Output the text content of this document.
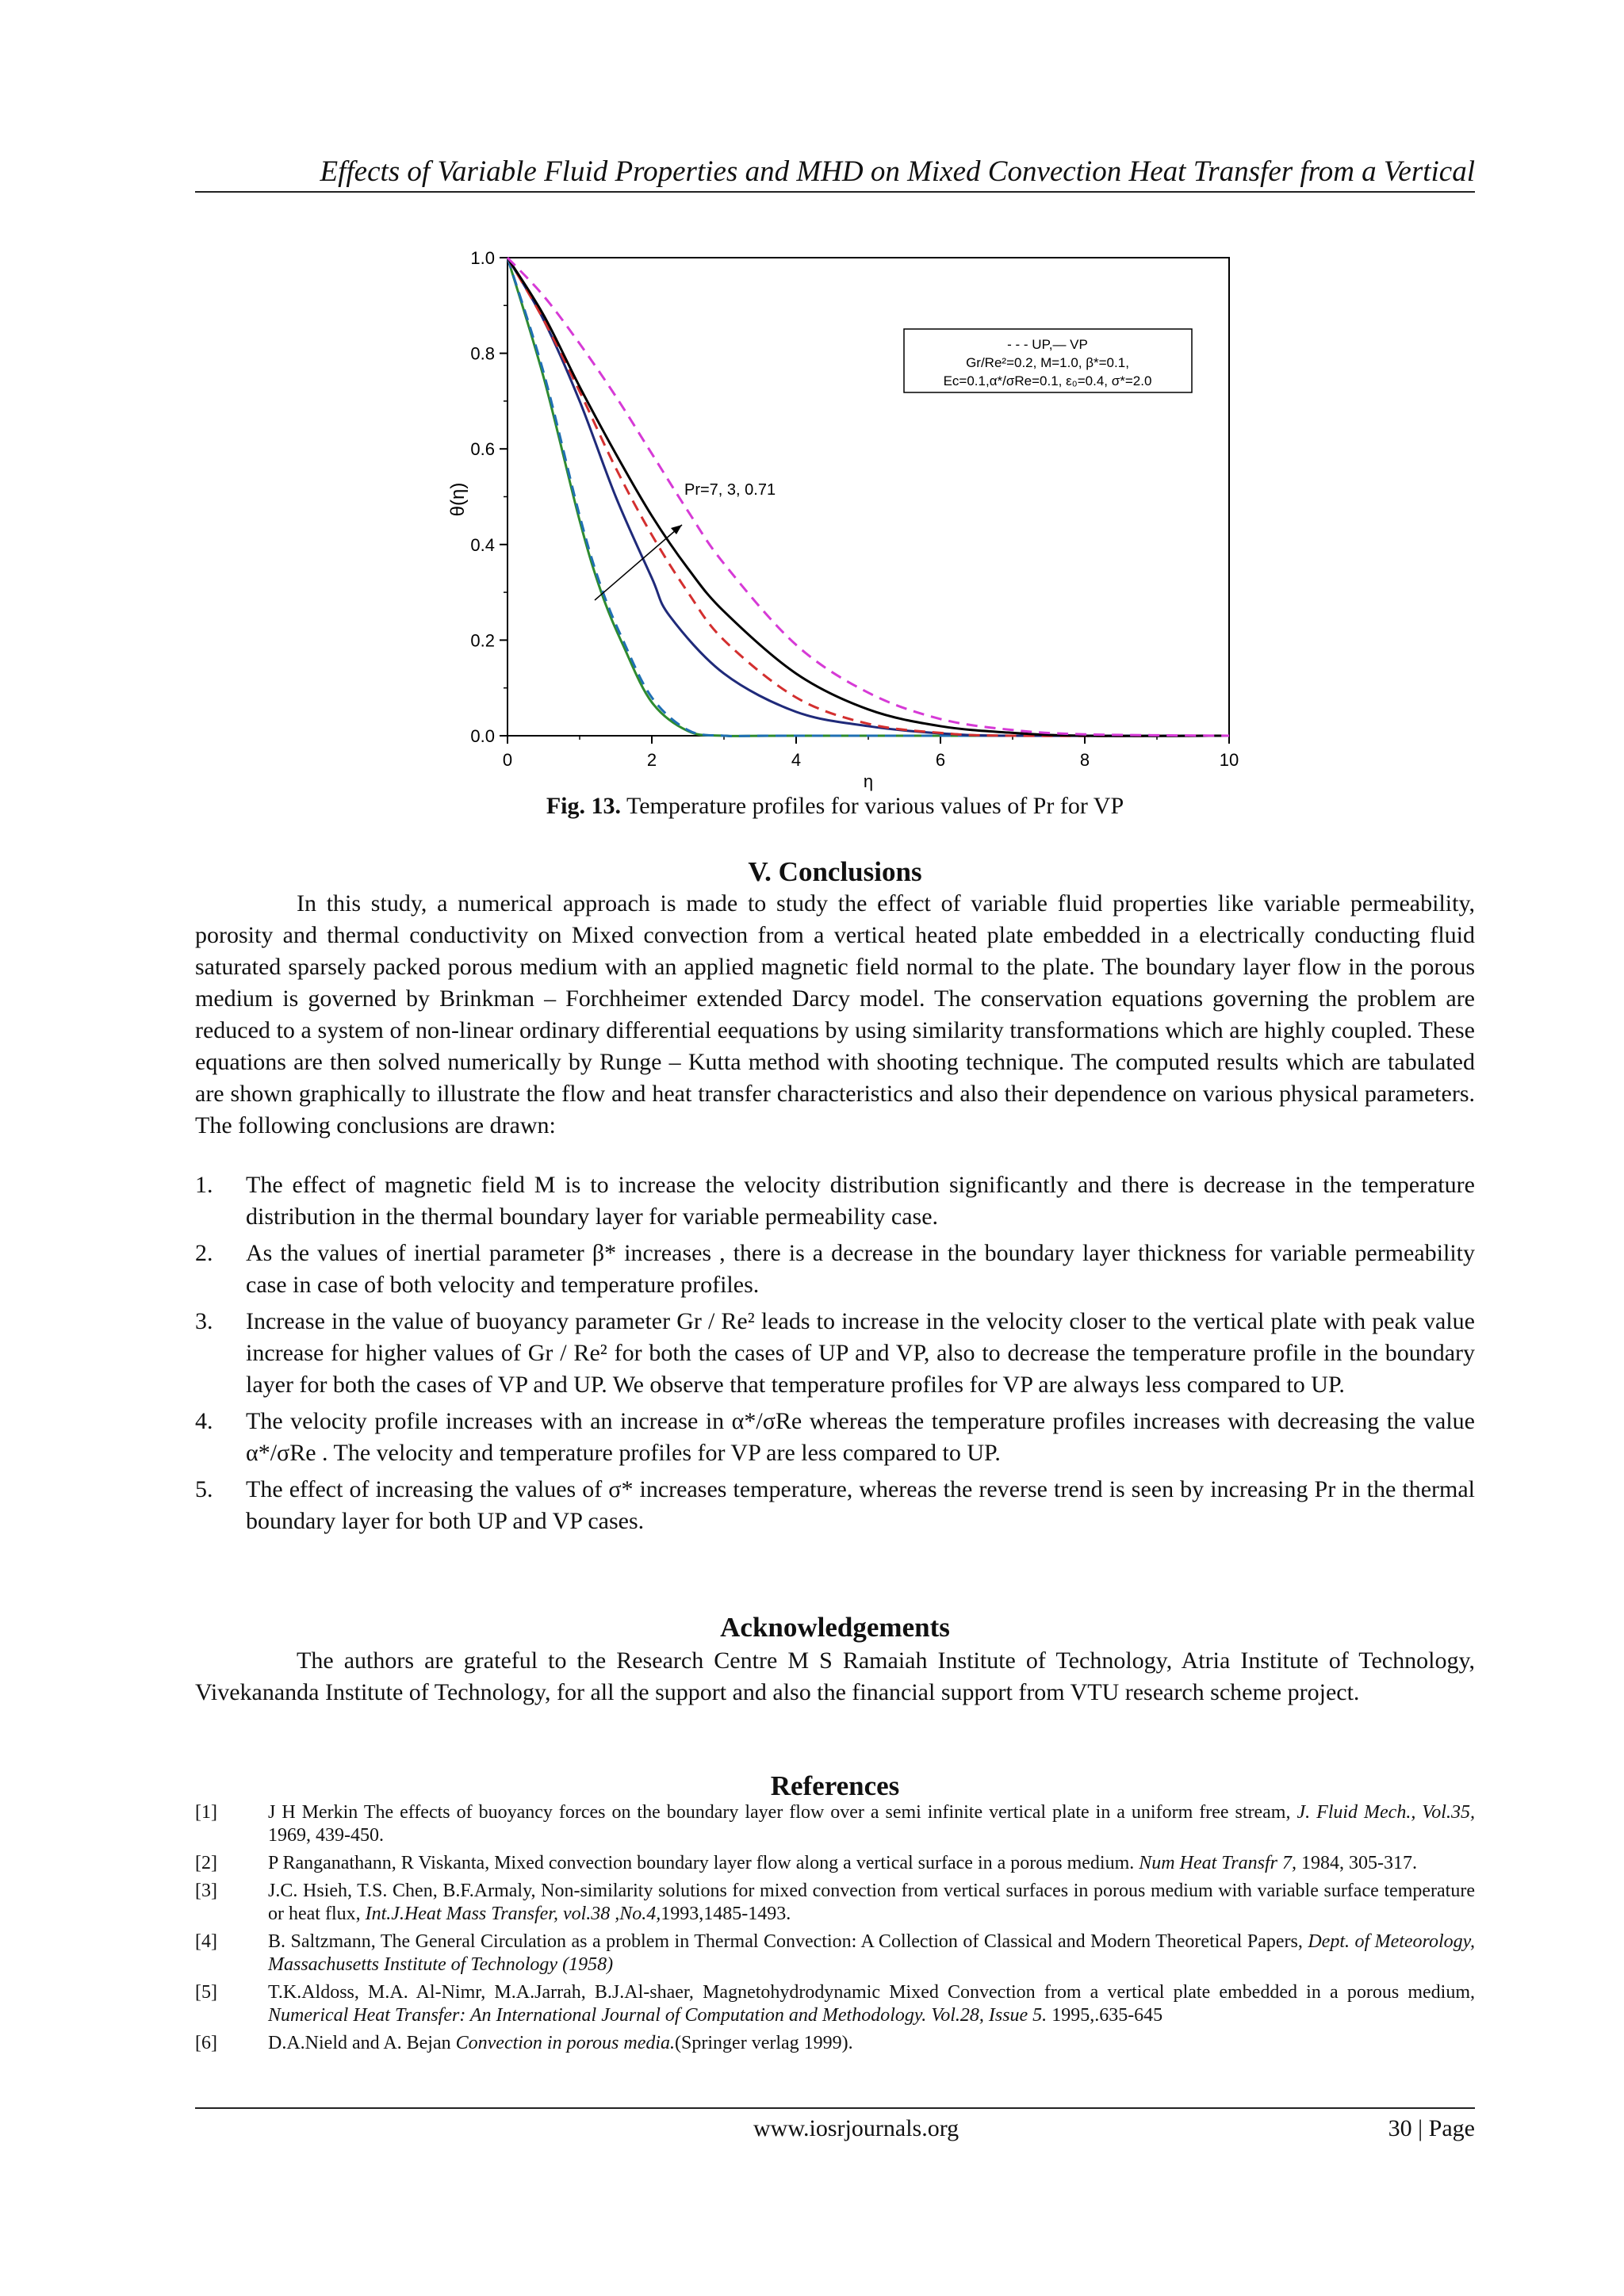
Effects of Variable Fluid Properties and MHD on Mixed Convection Heat Transfer from a Vertical
0.0
0.2
0.4
0.6
0.8
1.0
0	2	4	6	8	10
θ(η)
η
- - - UP,— VP
Gr/Re²=0.2, M=1.0, β*=0.1,
Ec=0.1,α*/σRe=0.1, ε₀=0.4, σ*=2.0
Pr=7, 3, 0.71
Fig. 13. Temperature profiles for various values of Pr for VP
V. Conclusions

In this study, a numerical approach is made to study the effect of variable fluid properties like variable permeability, porosity and thermal conductivity on Mixed convection from a vertical heated plate embedded in a electrically conducting fluid saturated sparsely packed porous medium with an applied magnetic field normal to the plate. The boundary layer flow in the porous medium is governed by Brinkman – Forchheimer extended Darcy model. The conservation equations governing the problem are reduced to a system of non-linear ordinary differential eequations by using similarity transformations which are highly coupled. These equations are then solved numerically by Runge – Kutta method with shooting technique. The computed results which are tabulated are shown graphically to illustrate the flow and heat transfer characteristics and also their dependence on various physical parameters. The following conclusions are drawn:

1. The effect of magnetic field M is to increase the velocity distribution significantly and there is decrease in the temperature distribution in the thermal boundary layer for variable permeability case.
2. As the values of inertial parameter β* increases , there is a decrease in the boundary layer thickness for variable permeability case in case of both velocity and temperature profiles.
3. Increase in the value of buoyancy parameter Gr / Re² leads to increase in the velocity closer to the vertical plate with peak value increase for higher values of Gr / Re² for both the cases of UP and VP, also to decrease the temperature profile in the boundary layer for both the cases of VP and UP. We observe that temperature profiles for VP are always less compared to UP.
4. The velocity profile increases with an increase in α*/σRe whereas the temperature profiles increases with decreasing the value α*/σRe . The velocity and temperature profiles for VP are less compared to UP.
5. The effect of increasing the values of σ* increases temperature, whereas the reverse trend is seen by increasing Pr in the thermal boundary layer for both UP and VP cases.
Acknowledgements

The authors are grateful to the Research Centre M S Ramaiah Institute of Technology, Atria Institute of Technology, Vivekananda Institute of Technology, for all the support and also the financial support from VTU research scheme project.

References
[1]	J H Merkin The effects of buoyancy forces on the boundary layer flow over a semi infinite vertical plate in a uniform free stream, J. Fluid Mech., Vol.35, 1969, 439-450.
[2]	P Ranganathann, R Viskanta, Mixed convection boundary layer flow along a vertical surface in a porous medium. Num Heat Transfr 7, 1984, 305-317.
[3]	J.C. Hsieh, T.S. Chen, B.F.Armaly, Non-similarity solutions for mixed convection from vertical surfaces in porous medium with variable surface temperature or heat flux, Int.J.Heat Mass Transfer, vol.38 ,No.4,1993,1485-1493.
[4]	B. Saltzmann, The General Circulation as a problem in Thermal Convection: A Collection of Classical and Modern Theoretical Papers, Dept. of Meteorology, Massachusetts Institute of Technology (1958)
[5]	T.K.Aldoss, M.A. Al-Nimr, M.A.Jarrah, B.J.Al-shaer, Magnetohydrodynamic Mixed Convection from a vertical plate embedded in a porous medium, Numerical Heat Transfer: An International Journal of Computation and Methodology. Vol.28, Issue 5. 1995,.635-645
[6]	D.A.Nield and A. Bejan Convection in porous media.(Springer verlag 1999).
www.iosrjournals.org	30 | Page
